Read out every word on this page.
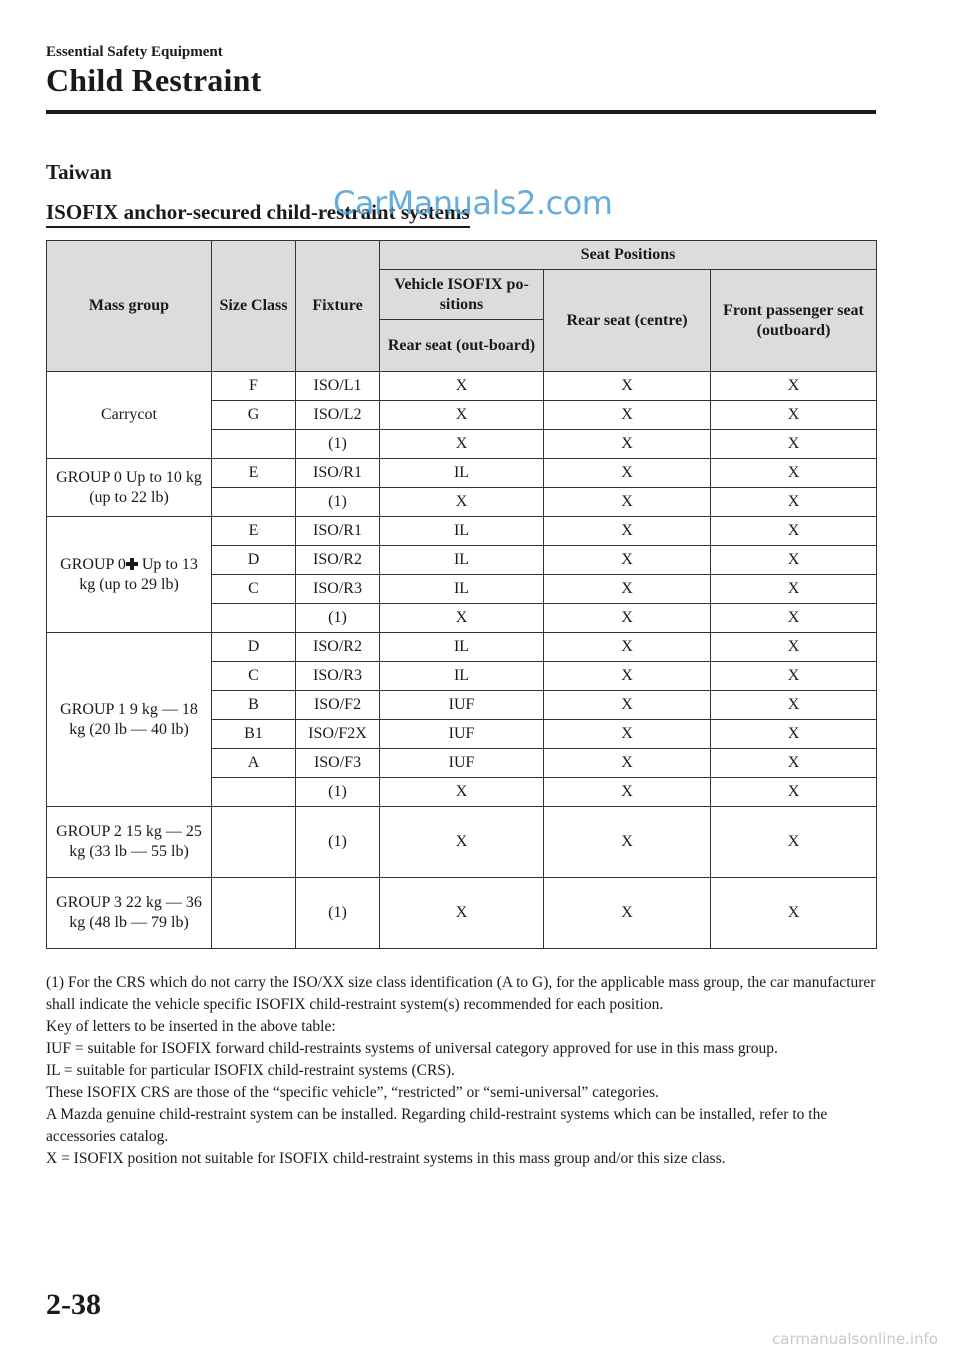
Essential Safety Equipment
Child Restraint
Taiwan
ISOFIX anchor-secured child-restraint systems
CarManuals2.com
Mass group	Size Class	Fixture	Seat Positions		
			Vehicle ISOFIX po-sitions	Rear seat (centre)	Front passenger seat (outboard)
			Rear seat (out-board)		
Carrycot	F	ISO/L1	X	X	X
	G	ISO/L2	X	X	X
		(1)	X	X	X
GROUP 0 Up to 10 kg (up to 22 lb)	E	ISO/R1	IL	X	X
		(1)	X	X	X
GROUP 0 Up to 13 kg (up to 29 lb)	E	ISO/R1	IL	X	X
	D	ISO/R2	IL	X	X
	C	ISO/R3	IL	X	X
		(1)	X	X	X
GROUP 1 9 kg — 18 kg (20 lb — 40 lb)	D	ISO/R2	IL	X	X
	C	ISO/R3	IL	X	X
	B	ISO/F2	IUF	X	X
	B1	ISO/F2X	IUF	X	X
	A	ISO/F3	IUF	X	X
		(1)	X	X	X
GROUP 2 15 kg — 25 kg (33 lb — 55 lb)		(1)	X	X	X
GROUP 3 22 kg — 36 kg (48 lb — 79 lb)		(1)	X	X	X

(1) For the CRS which do not carry the ISO/XX size class identification (A to G), for the applicable mass group, the car manufacturer shall indicate the vehicle specific ISOFIX child-restraint system(s) recommended for each position.

Key of letters to be inserted in the above table:

IUF = suitable for ISOFIX forward child-restraints systems of universal category approved for use in this mass group.

IL = suitable for particular ISOFIX child-restraint systems (CRS).

These ISOFIX CRS are those of the “specific vehicle”, “restricted” or “semi-universal” categories.

A Mazda genuine child-restraint system can be installed. Regarding child-restraint systems which can be installed, refer to the accessories catalog.

X = ISOFIX position not suitable for ISOFIX child-restraint systems in this mass group and/or this size class.

2-38
carmanualsonline.info
